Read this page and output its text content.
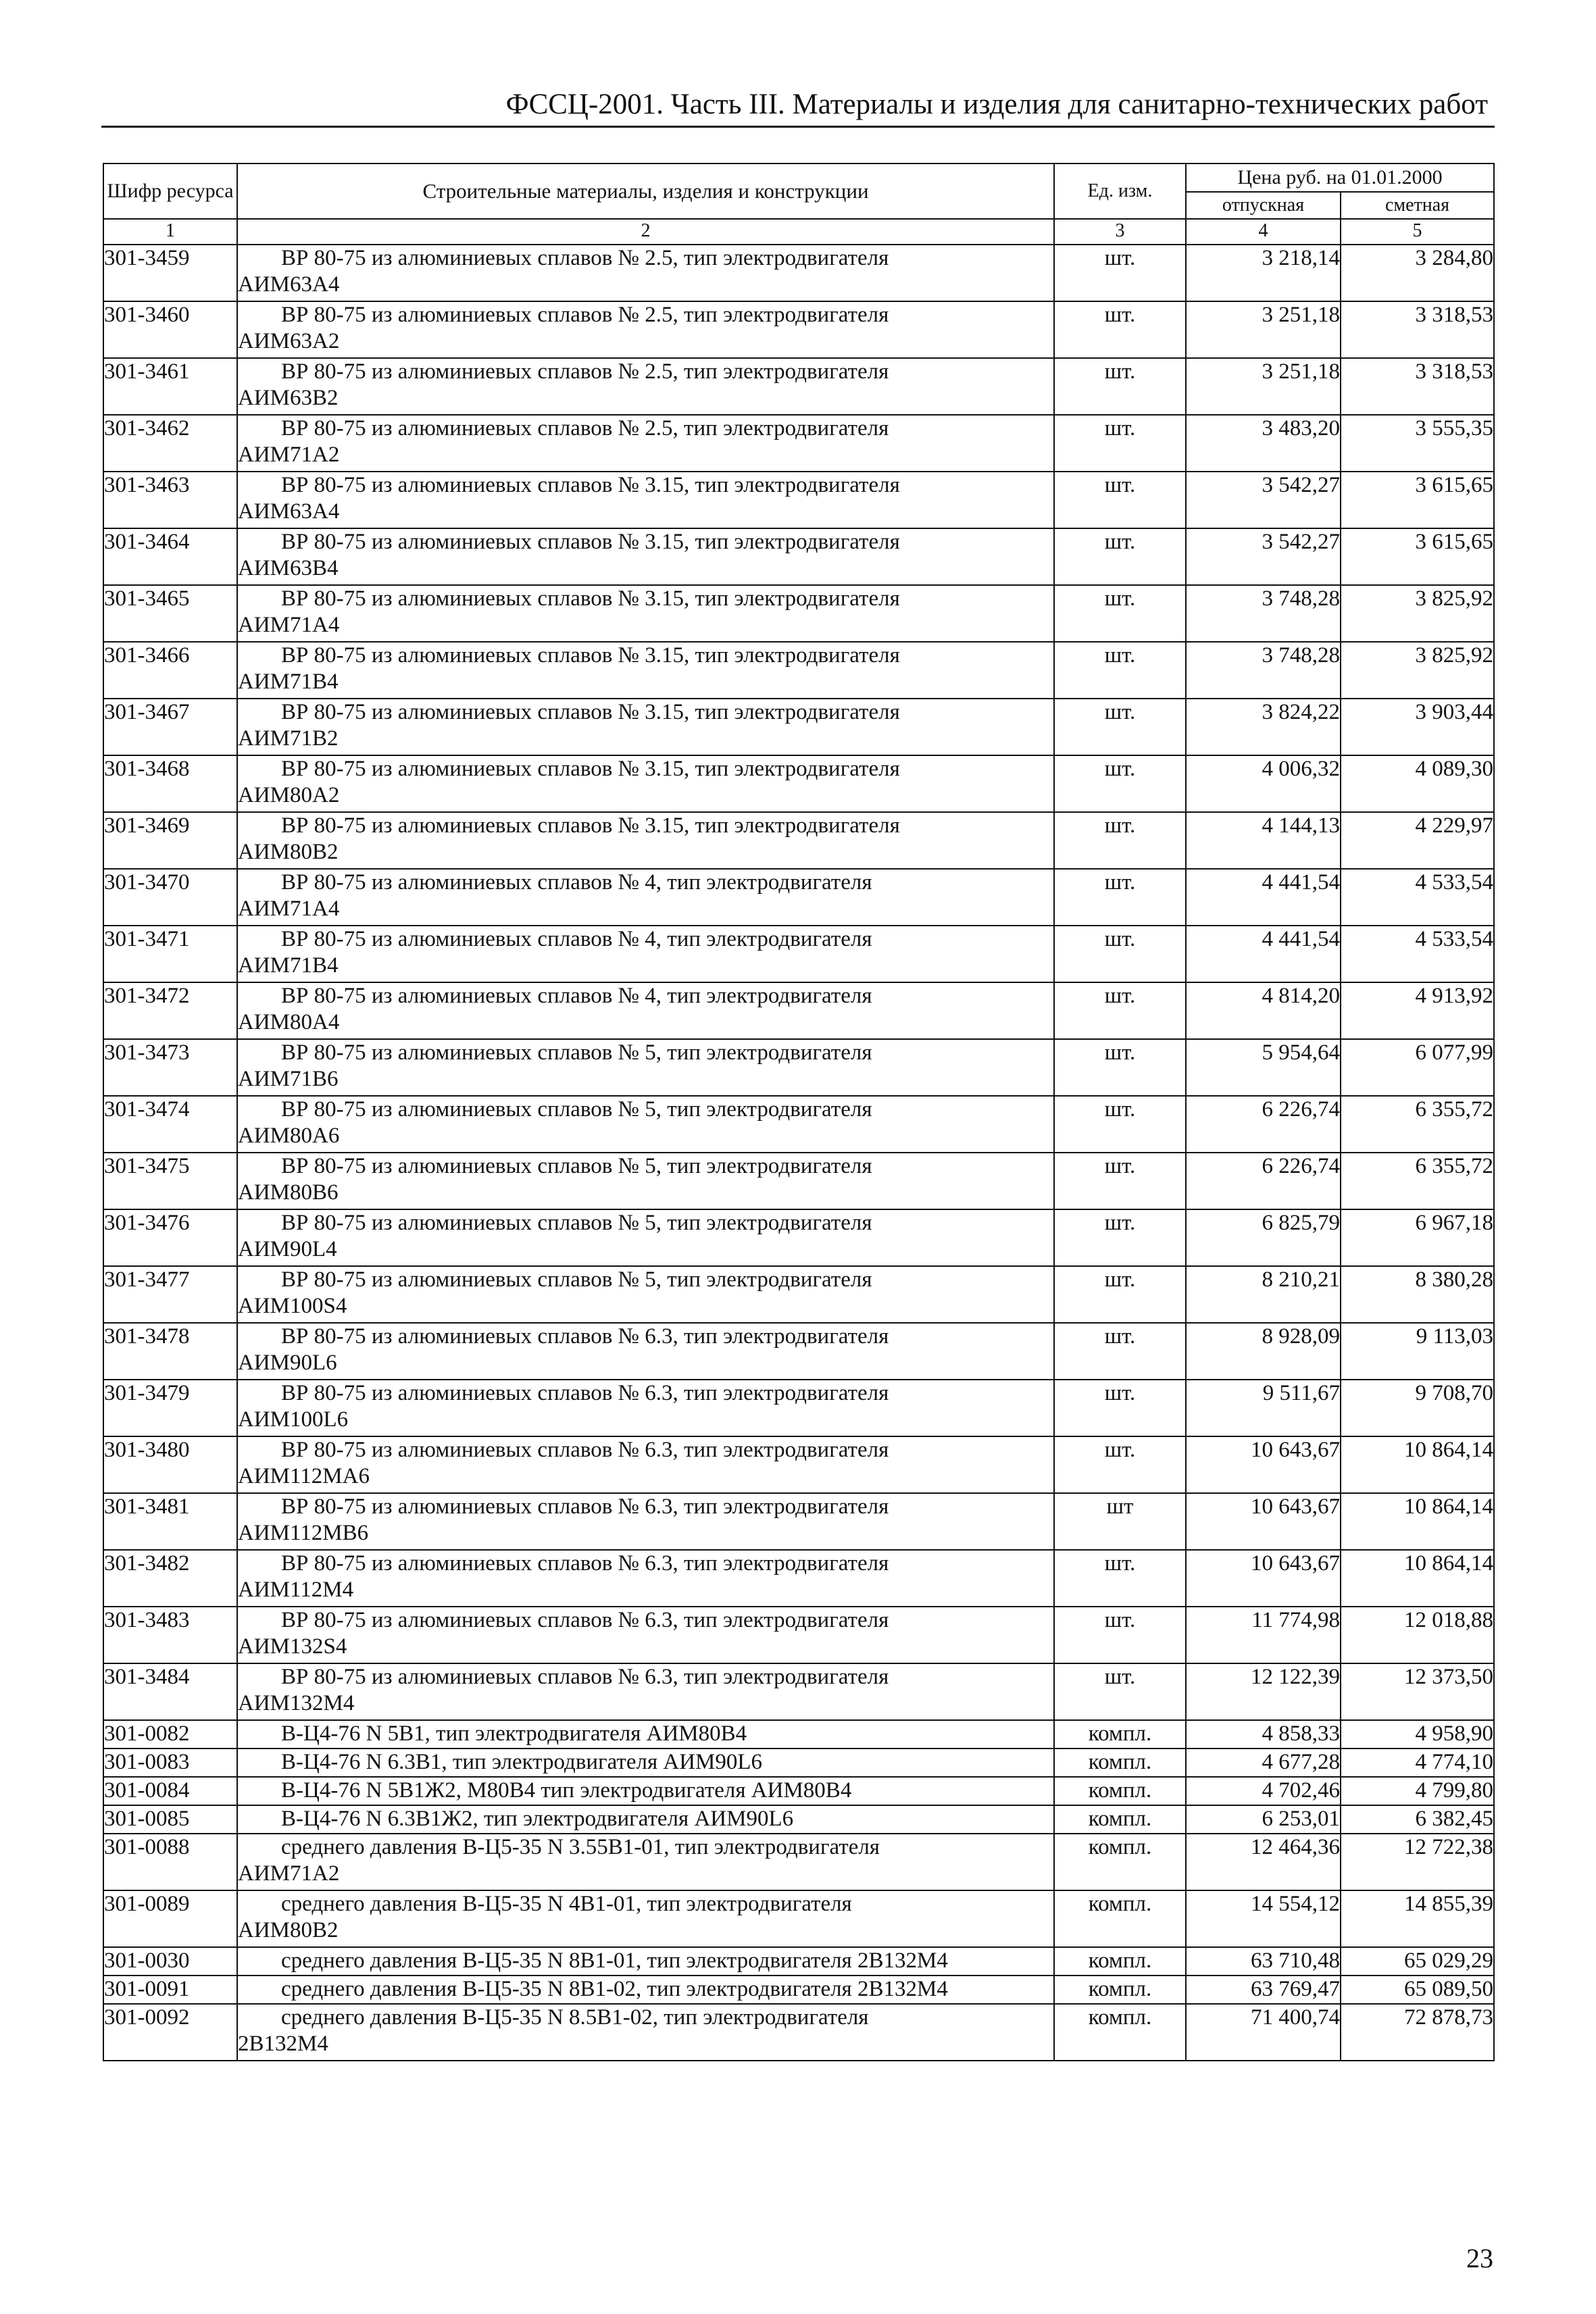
ФССЦ-2001. Часть III. Материалы и изделия для санитарно-технических работ
Шифр ресурса	Строительные материалы, изделия и конструкции	Ед. изм.	Цена руб. на 01.01.2000	
			отпускная	сметная
1	2	3	4	5
301-3459	ВР 80-75 из алюминиевых сплавов № 2.5, тип электродвигателя
АИМ63А4	шт.	3 218,14	3 284,80
301-3460	ВР 80-75 из алюминиевых сплавов № 2.5, тип электродвигателя
АИМ63А2	шт.	3 251,18	3 318,53
301-3461	ВР 80-75 из алюминиевых сплавов № 2.5, тип электродвигателя
АИМ63В2	шт.	3 251,18	3 318,53
301-3462	ВР 80-75 из алюминиевых сплавов № 2.5, тип электродвигателя
АИМ71А2	шт.	3 483,20	3 555,35
301-3463	ВР 80-75 из алюминиевых сплавов № 3.15, тип электродвигателя
АИМ63А4	шт.	3 542,27	3 615,65
301-3464	ВР 80-75 из алюминиевых сплавов № 3.15, тип электродвигателя
АИМ63В4	шт.	3 542,27	3 615,65
301-3465	ВР 80-75 из алюминиевых сплавов № 3.15, тип электродвигателя
АИМ71А4	шт.	3 748,28	3 825,92
301-3466	ВР 80-75 из алюминиевых сплавов № 3.15, тип электродвигателя
АИМ71В4	шт.	3 748,28	3 825,92
301-3467	ВР 80-75 из алюминиевых сплавов № 3.15, тип электродвигателя
АИМ71В2	шт.	3 824,22	3 903,44
301-3468	ВР 80-75 из алюминиевых сплавов № 3.15, тип электродвигателя
АИМ80А2	шт.	4 006,32	4 089,30
301-3469	ВР 80-75 из алюминиевых сплавов № 3.15, тип электродвигателя
АИМ80В2	шт.	4 144,13	4 229,97
301-3470	ВР 80-75 из алюминиевых сплавов № 4, тип электродвигателя
АИМ71А4	шт.	4 441,54	4 533,54
301-3471	ВР 80-75 из алюминиевых сплавов № 4, тип электродвигателя
АИМ71В4	шт.	4 441,54	4 533,54
301-3472	ВР 80-75 из алюминиевых сплавов № 4, тип электродвигателя
АИМ80А4	шт.	4 814,20	4 913,92
301-3473	ВР 80-75 из алюминиевых сплавов № 5, тип электродвигателя
АИМ71В6	шт.	5 954,64	6 077,99
301-3474	ВР 80-75 из алюминиевых сплавов № 5, тип электродвигателя
АИМ80А6	шт.	6 226,74	6 355,72
301-3475	ВР 80-75 из алюминиевых сплавов № 5, тип электродвигателя
АИМ80В6	шт.	6 226,74	6 355,72
301-3476	ВР 80-75 из алюминиевых сплавов № 5, тип электродвигателя
АИМ90L4	шт.	6 825,79	6 967,18
301-3477	ВР 80-75 из алюминиевых сплавов № 5, тип электродвигателя
АИМ100S4	шт.	8 210,21	8 380,28
301-3478	ВР 80-75 из алюминиевых сплавов № 6.3, тип электродвигателя
АИМ90L6	шт.	8 928,09	9 113,03
301-3479	ВР 80-75 из алюминиевых сплавов № 6.3, тип электродвигателя
АИМ100L6	шт.	9 511,67	9 708,70
301-3480	ВР 80-75 из алюминиевых сплавов № 6.3, тип электродвигателя
АИМ112МА6	шт.	10 643,67	10 864,14
301-3481	ВР 80-75 из алюминиевых сплавов № 6.3, тип электродвигателя
АИМ112МВ6	шт	10 643,67	10 864,14
301-3482	ВР 80-75 из алюминиевых сплавов № 6.3, тип электродвигателя
АИМ112М4	шт.	10 643,67	10 864,14
301-3483	ВР 80-75 из алюминиевых сплавов № 6.3, тип электродвигателя
АИМ132S4	шт.	11 774,98	12 018,88
301-3484	ВР 80-75 из алюминиевых сплавов № 6.3, тип электродвигателя
АИМ132М4	шт.	12 122,39	12 373,50
301-0082	В-Ц4-76 N 5В1, тип электродвигателя АИМ80В4	компл.	4 858,33	4 958,90
301-0083	В-Ц4-76 N 6.3В1, тип электродвигателя АИМ90L6	компл.	4 677,28	4 774,10
301-0084	В-Ц4-76 N 5В1Ж2, М80В4 тип электродвигателя АИМ80В4	компл.	4 702,46	4 799,80
301-0085	В-Ц4-76 N 6.3В1Ж2, тип электродвигателя АИМ90L6	компл.	6 253,01	6 382,45
301-0088	среднего давления В-Ц5-35 N 3.55В1-01, тип электродвигателя
АИМ71А2	компл.	12 464,36	12 722,38
301-0089	среднего давления В-Ц5-35 N 4В1-01, тип электродвигателя
АИМ80В2	компл.	14 554,12	14 855,39
301-0030	среднего давления В-Ц5-35 N 8В1-01, тип электродвигателя 2В132М4	компл.	63 710,48	65 029,29
301-0091	среднего давления В-Ц5-35 N 8В1-02, тип электродвигателя 2В132М4	компл.	63 769,47	65 089,50
301-0092	среднего давления В-Ц5-35 N 8.5В1-02, тип электродвигателя
2В132М4	компл.	71 400,74	72 878,73
23
